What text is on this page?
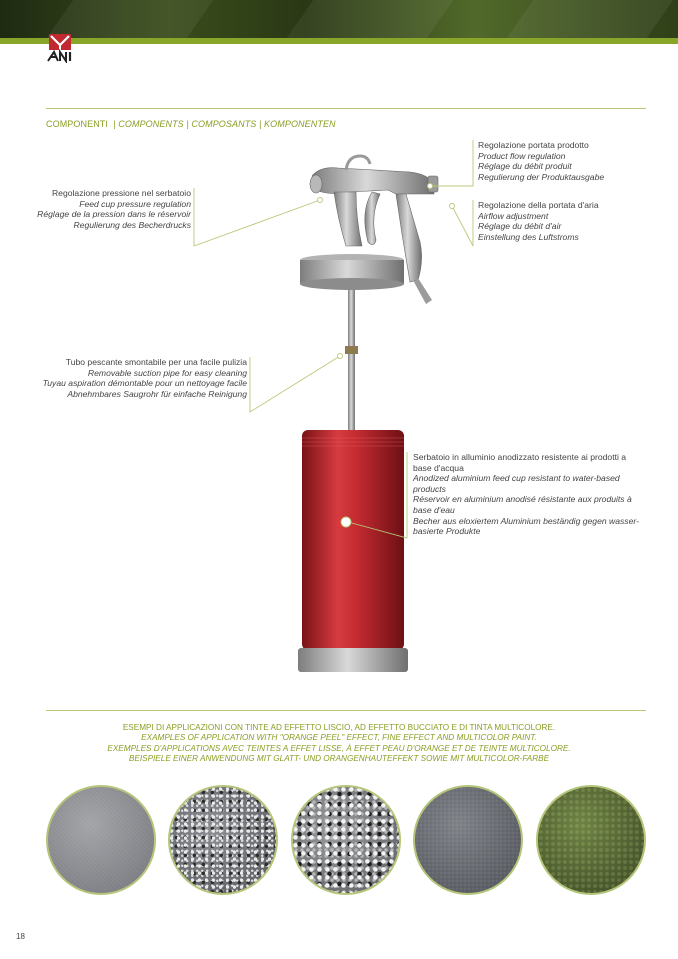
COMPONENTI  | COMPONENTS | COMPOSANTS | KOMPONENTEN
Regolazione portata prodotto
Product flow regulation
Réglage du débit produit
Regulierung der Produktausgabe
Regolazione della portata d'aria
Airflow adjustment
Réglage du débit d'air
Einstellung des Luftstroms
Regolazione pressione nel serbatoio
Feed cup pressure regulation
Réglage de la pression dans le réservoir
Regulierung des Becherdrucks
Tubo pescante smontabile per una facile pulizia
Removable suction pipe for easy cleaning
Tuyau aspiration démontable pour un nettoyage facile
Abnehmbares Saugrohr für einfache Reinigung
Serbatoio in alluminio anodizzato resistente ai prodotti a base d'acqua
Anodized aluminium feed cup resistant to water-based products
Réservoir en aluminium anodisé résistante aux produits à base d'eau
Becher aus eloxiertem Aluminium beständig gegen wasser-basierte Produkte
ESEMPI DI APPLICAZIONI CON TINTE AD EFFETTO LISCIO, AD EFFETTO BUCCIATO E DI TINTA MULTICOLORE.
EXAMPLES OF APPLICATION WITH "ORANGE PEEL" EFFECT, FINE EFFECT AND MULTICOLOR PAINT.
EXEMPLES D'APPLICATIONS AVEC TEINTES A EFFET LISSE, À EFFET PEAU D'ORANGE ET DE TEINTE MULTICOLORE.
BEISPIELE EINER ANWENDUNG MIT GLATT- UND ORANGENHAUTEFFEKT SOWIE MIT MULTICOLOR-FARBE
18
